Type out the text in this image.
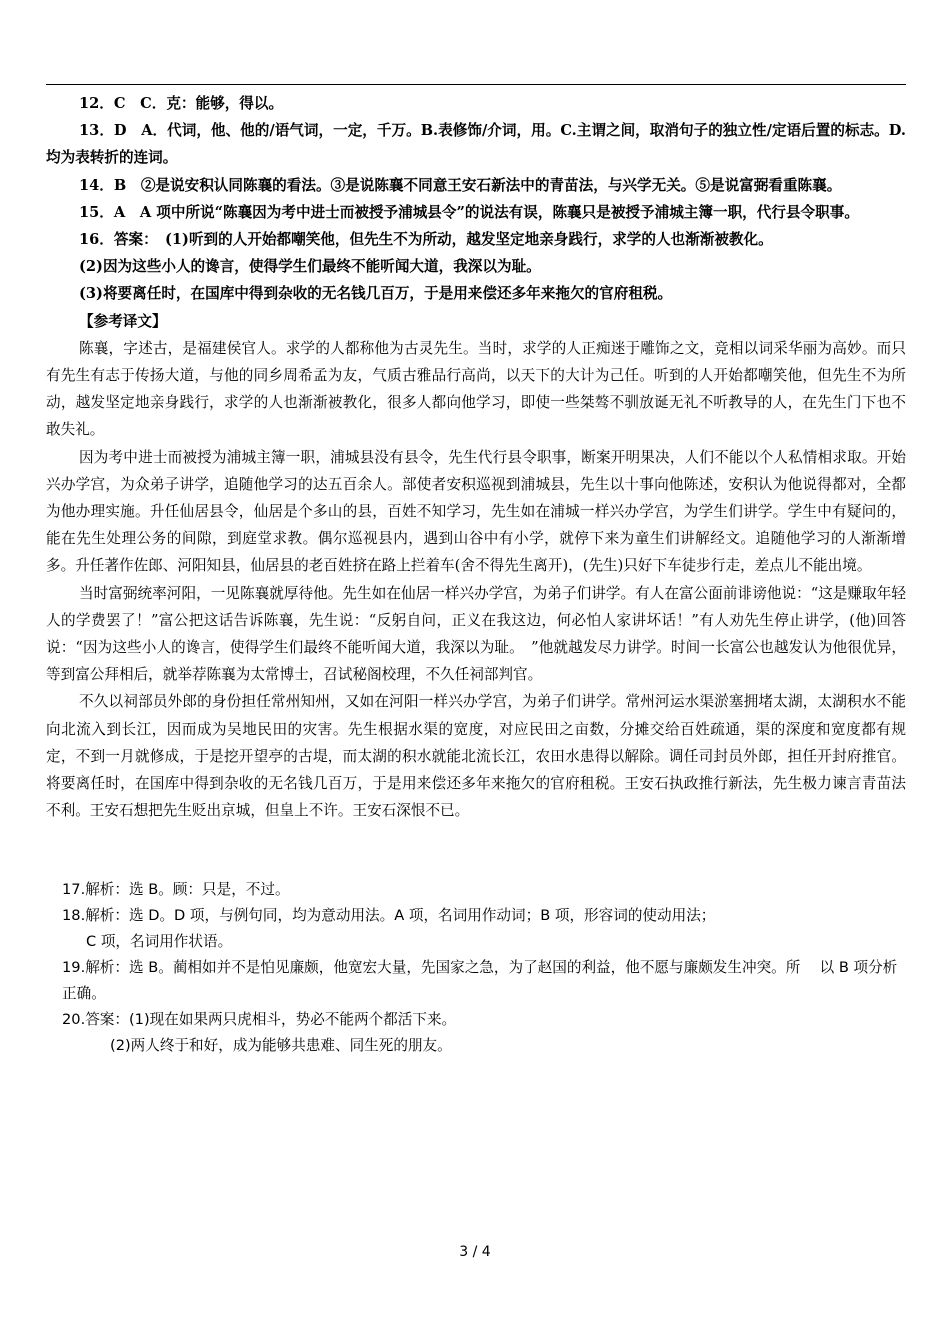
12．C　C．克：能够，得以。

13．D　A．代词，他、他的/语气词，一定，千万。B.表修饰/介词，用。C.主谓之间，取消句子的独立性/定语后置的标志。D.均为表转折的连词。

14．B　②是说安积认同陈襄的看法。③是说陈襄不同意王安石新法中的青苗法，与兴学无关。⑤是说富弼看重陈襄。

15．A　A 项中所说“陈襄因为考中进士而被授予浦城县令”的说法有误，陈襄只是被授予浦城主簿一职，代行县令职事。

16．答案：　(1)听到的人开始都嘲笑他，但先生不为所动，越发坚定地亲身践行，求学的人也渐渐被教化。

(2)因为这些小人的谗言，使得学生们最终不能听闻大道，我深以为耻。

(3)将要离任时，在国库中得到杂收的无名钱几百万，于是用来偿还多年来拖欠的官府租税。

【参考译文】

陈襄，字述古，是福建侯官人。求学的人都称他为古灵先生。当时，求学的人正痴迷于雕饰之文，竞相以词采华丽为高妙。而只有先生有志于传扬大道，与他的同乡周希孟为友，气质古雅品行高尚，以天下的大计为己任。听到的人开始都嘲笑他，但先生不为所动，越发坚定地亲身践行，求学的人也渐渐被教化，很多人都向他学习，即使一些桀骜不驯放诞无礼不听教导的人，在先生门下也不敢失礼。

因为考中进士而被授为浦城主簿一职，浦城县没有县令，先生代行县令职事，断案开明果决，人们不能以个人私情相求取。开始兴办学宫，为众弟子讲学，追随他学习的达五百余人。部使者安积巡视到浦城县，先生以十事向他陈述，安积认为他说得都对，全都为他办理实施。升任仙居县令，仙居是个多山的县，百姓不知学习，先生如在浦城一样兴办学宫，为学生们讲学。学生中有疑问的，能在先生处理公务的间隙，到庭堂求教。偶尔巡视县内，遇到山谷中有小学，就停下来为童生们讲解经文。追随他学习的人渐渐增多。升任著作佐郎、河阳知县，仙居县的老百姓挤在路上拦着车(舍不得先生离开)，(先生)只好下车徒步行走，差点儿不能出境。

当时富弼统率河阳，一见陈襄就厚待他。先生如在仙居一样兴办学宫，为弟子们讲学。有人在富公面前诽谤他说：“这是赚取年轻人的学费罢了！”富公把这话告诉陈襄，先生说：“反躬自问，正义在我这边，何必怕人家讲坏话！”有人劝先生停止讲学，(他)回答说：“因为这些小人的谗言，使得学生们最终不能听闻大道，我深以为耻。　”他就越发尽力讲学。时间一长富公也越发认为他很优异，等到富公拜相后，就举荐陈襄为太常博士，召试秘阁校理，不久任祠部判官。

不久以祠部员外郎的身份担任常州知州，又如在河阳一样兴办学宫，为弟子们讲学。常州河运水渠淤塞拥堵太湖，太湖积水不能向北流入到长江，因而成为吴地民田的灾害。先生根据水渠的宽度，对应民田之亩数，分摊交给百姓疏通，渠的深度和宽度都有规定，不到一月就修成，于是挖开望亭的古堤，而太湖的积水就能北流长江，农田水患得以解除。调任司封员外郎，担任开封府推官。将要离任时，在国库中得到杂收的无名钱几百万，于是用来偿还多年来拖欠的官府租税。王安石执政推行新法，先生极力谏言青苗法不利。王安石想把先生贬出京城，但皇上不许。王安石深恨不已。

17.解析：选 B。顾：只是，不过。

18.解析：选 D。D 项，与例句同，均为意动用法。A 项，名词用作动词；B 项，形容词的使动用法；

C 项，名词用作状语。

19.解析：选 B。蔺相如并不是怕见廉颇，他宽宏大量，先国家之急，为了赵国的利益，他不愿与廉颇发生冲突。所　 以 B 项分析正确。

20.答案：(1)现在如果两只虎相斗，势必不能两个都活下来。

(2)两人终于和好，成为能够共患难、同生死的朋友。

3 / 4
